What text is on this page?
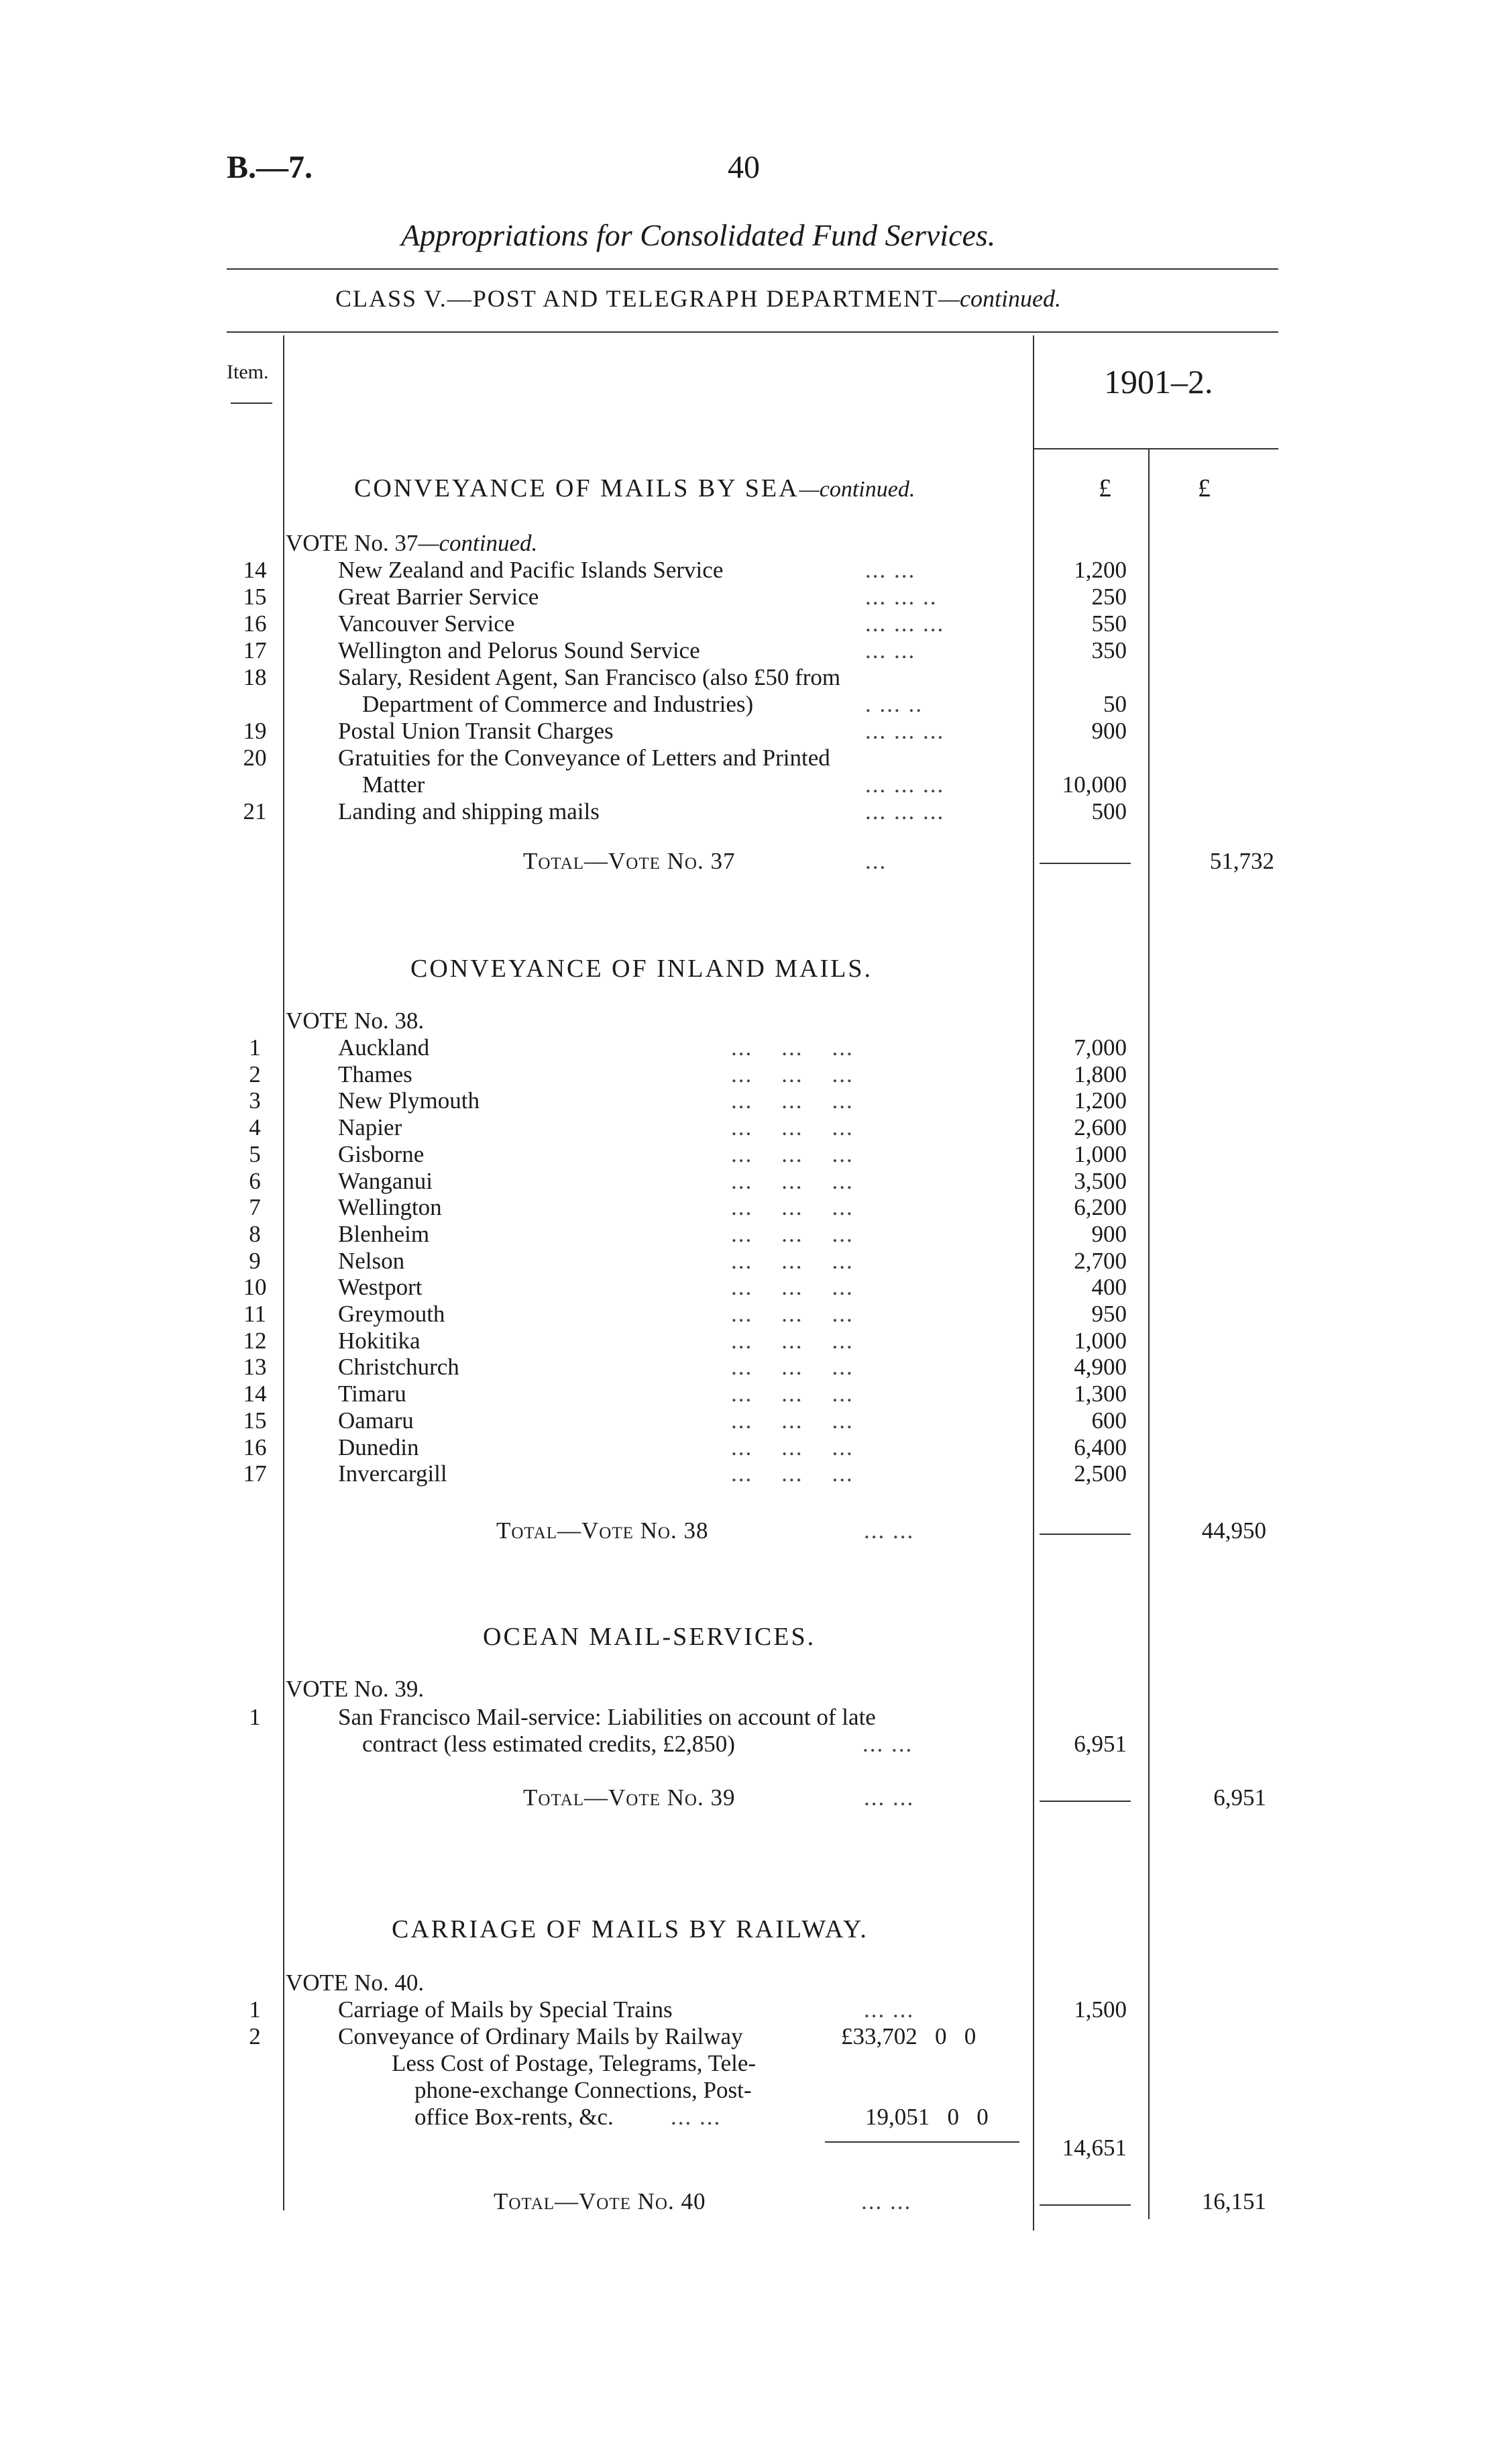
B.—7.	40
Appropriations for Consolidated Fund Services.
CLASS V.—POST AND TELEGRAPH DEPARTMENT—continued.
Item.	1901–2.
£	£
CONVEYANCE OF MAILS BY SEA—continued.
VOTE No. 37—continued.
14	New Zealand and Pacific Islands Service	... ...	1,200
15	Great Barrier Service	... ... ..	250
16	Vancouver Service	... ... ...	550
17	Wellington and Pelorus Sound Service	... ...	350
18	Salary, Resident Agent, San Francisco (also £50 from
Department of Commerce and Industries)	. ... ..	50
19	Postal Union Transit Charges	... ... ...	900
20	Gratuities for the Conveyance of Letters and Printed
Matter	... ... ...	10,000
21	Landing and shipping mails	... ... ...	500
Total—Vote No. 37	...	51,732
CONVEYANCE OF INLAND MAILS.
VOTE No. 38.
1	Auckland	...    ...    ...	7,000
2	Thames	...    ...    ...	1,800
3	New Plymouth	...    ...    ...	1,200
4	Napier	...    ...    ...	2,600
5	Gisborne	...    ...    ...	1,000
6	Wanganui	...    ...    ...	3,500
7	Wellington	...    ...    ...	6,200
8	Blenheim	...    ...    ...	900
9	Nelson	...    ...    ...	2,700
10	Westport	...    ...    ...	400
11	Greymouth	...    ...    ...	950
12	Hokitika	...    ...    ...	1,000
13	Christchurch	...    ...    ...	4,900
14	Timaru	...    ...    ...	1,300
15	Oamaru	...    ...    ...	600
16	Dunedin	...    ...    ...	6,400
17	Invercargill	...    ...    ...	2,500
Total—Vote No. 38	... ...	44,950
OCEAN MAIL-SERVICES.
VOTE No. 39.
1	San Francisco Mail-service: Liabilities on account of late
contract (less estimated credits, £2,850)	... ...	6,951
Total—Vote No. 39	... ...	6,951
CARRIAGE OF MAILS BY RAILWAY.
VOTE No. 40.
1	Carriage of Mails by Special Trains	... ...	1,500
2	Conveyance of Ordinary Mails by Railway	£33,702   0   0
Less Cost of Postage, Telegrams, Tele-
phone-exchange Connections, Post-
office Box-rents, &c. ... ...	19,051   0   0
14,651
Total—Vote No. 40	... ...	16,151
